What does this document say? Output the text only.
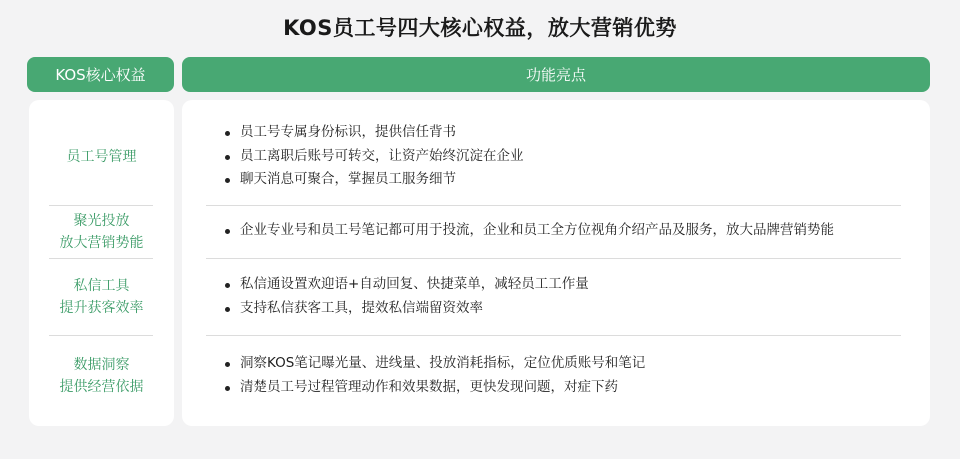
KOS员工号四大核心权益，放大营销优势
KOS核心权益	功能亮点
员工号管理
员工号专属身份标识，提供信任背书
员工离职后账号可转交，让资产始终沉淀在企业
聊天消息可聚合，掌握员工服务细节
聚光投放
放大营销势能
企业专业号和员工号笔记都可用于投流，企业和员工全方位视角介绍产品及服务，放大品牌营销势能
私信工具
提升获客效率
私信通设置欢迎语+自动回复、快捷菜单，减轻员工工作量
支持私信获客工具，提效私信端留资效率
数据洞察
提供经营依据
洞察KOS笔记曝光量、进线量、投放消耗指标，定位优质账号和笔记
清楚员工号过程管理动作和效果数据，更快发现问题，对症下药
